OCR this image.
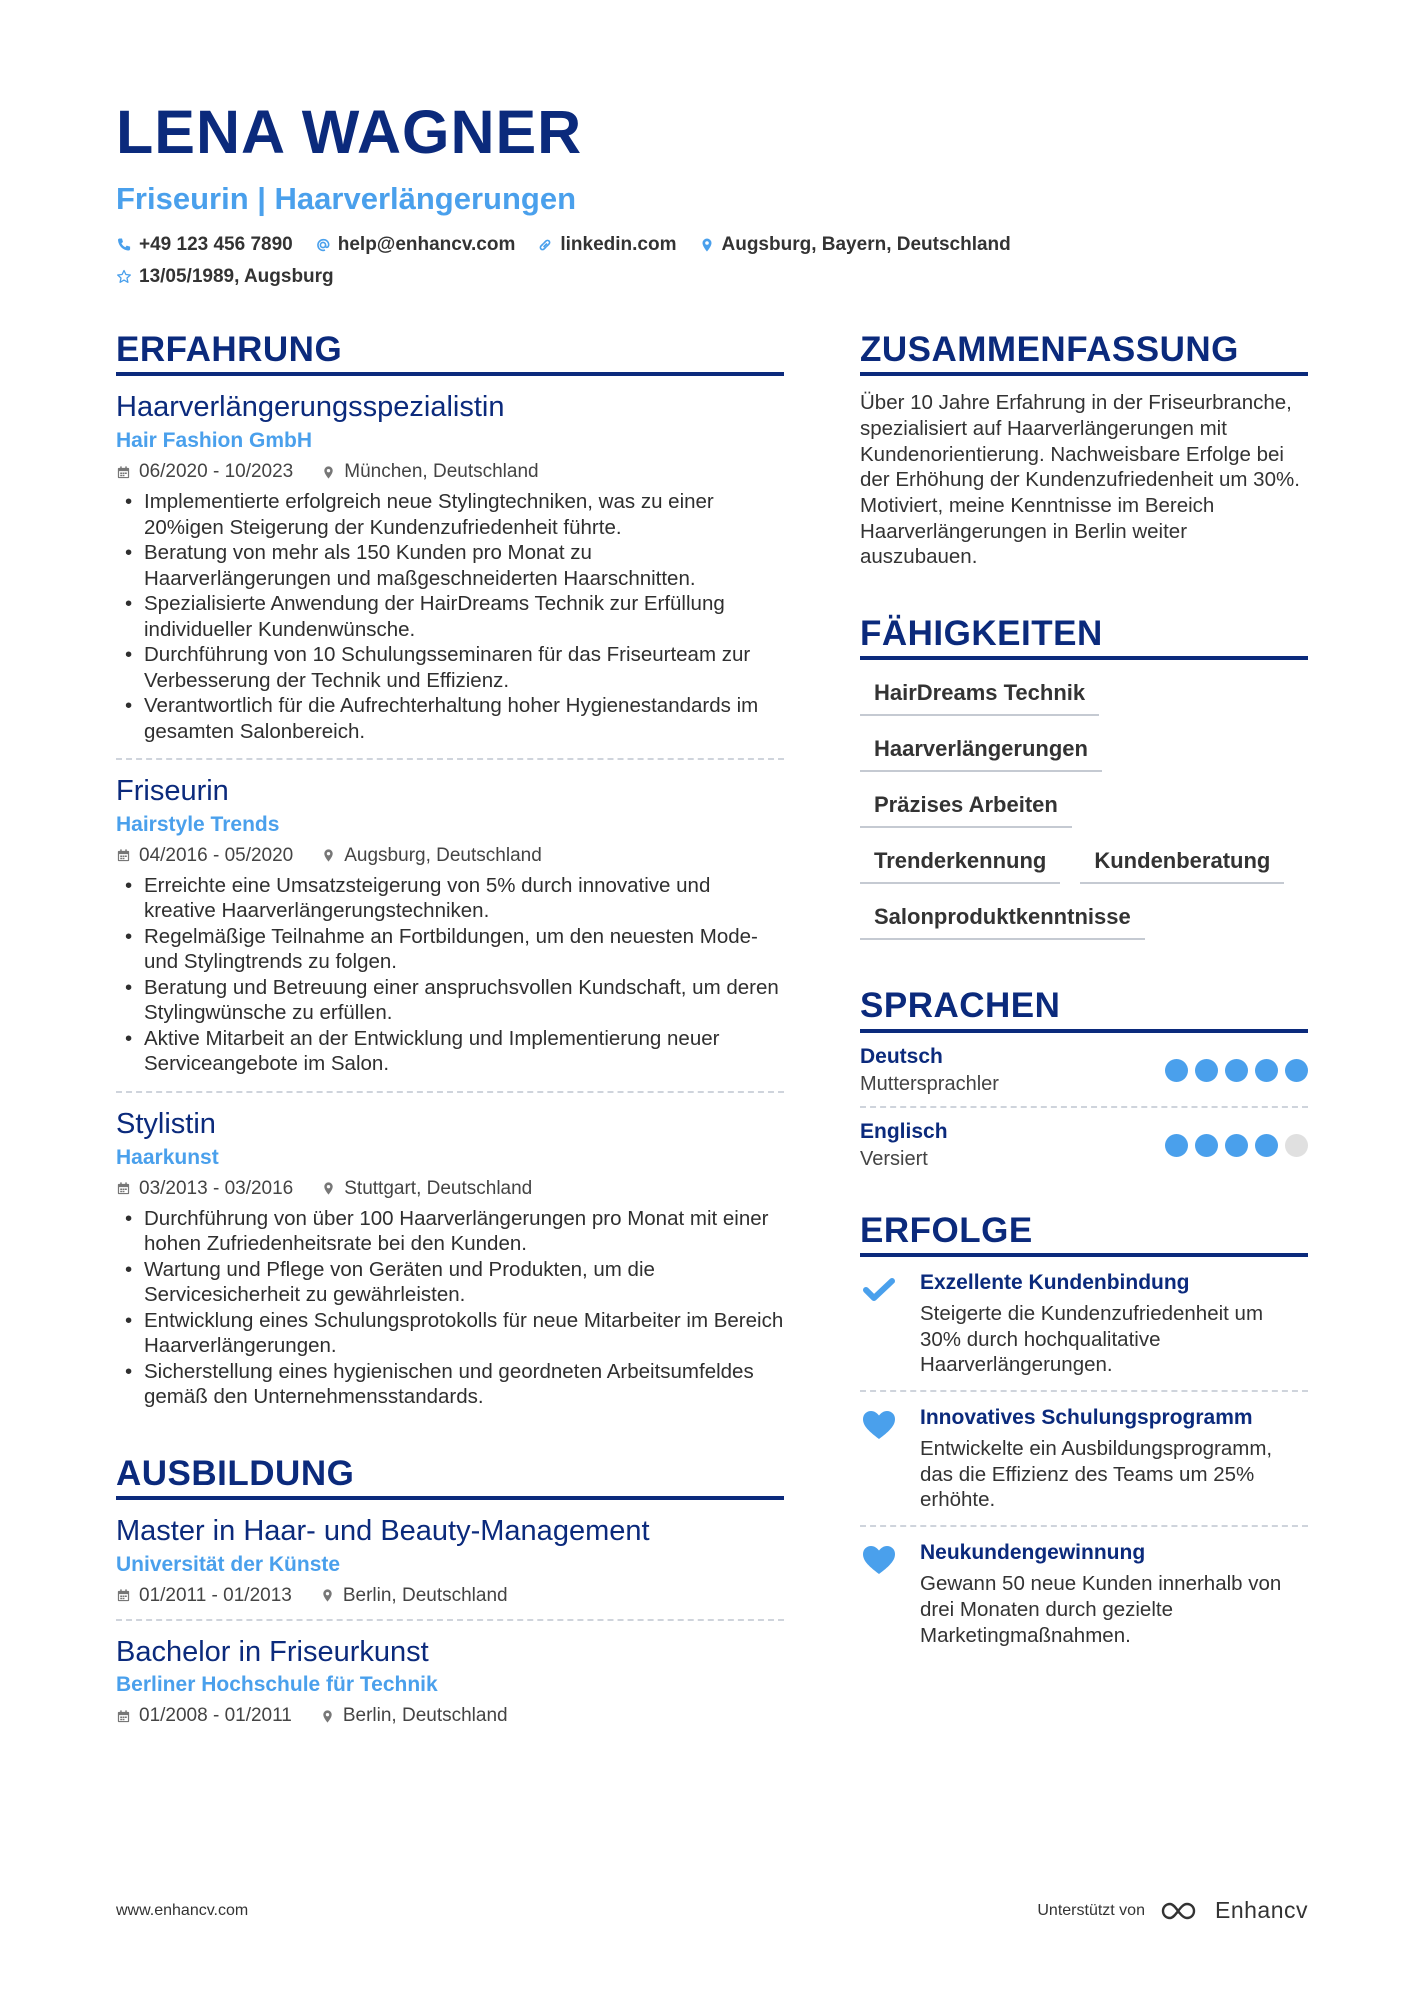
LENA WAGNER
Friseurin | Haarverlängerungen
+49 123 456 7890 help@enhancv.com linkedin.com Augsburg, Bayern, Deutschland
13/05/1989, Augsburg
ERFAHRUNG
Haarverlängerungsspezialistin
Hair Fashion GmbH
06/2020 - 10/2023	München, Deutschland
• Implementierte erfolgreich neue Stylingtechniken, was zu einer 20%igen Steigerung der Kundenzufriedenheit führte.
• Beratung von mehr als 150 Kunden pro Monat zu Haarverlängerungen und maßgeschneiderten Haarschnitten.
• Spezialisierte Anwendung der HairDreams Technik zur Erfüllung individueller Kundenwünsche.
• Durchführung von 10 Schulungsseminaren für das Friseurteam zur Verbesserung der Technik und Effizienz.
• Verantwortlich für die Aufrechterhaltung hoher Hygienestandards im gesamten Salonbereich.
Friseurin
Hairstyle Trends
04/2016 - 05/2020	Augsburg, Deutschland
• Erreichte eine Umsatzsteigerung von 5% durch innovative und kreative Haarverlängerungstechniken.
• Regelmäßige Teilnahme an Fortbildungen, um den neuesten Mode- und Stylingtrends zu folgen.
• Beratung und Betreuung einer anspruchsvollen Kundschaft, um deren Stylingwünsche zu erfüllen.
• Aktive Mitarbeit an der Entwicklung und Implementierung neuer Serviceangebote im Salon.
Stylistin
Haarkunst
03/2013 - 03/2016	Stuttgart, Deutschland
• Durchführung von über 100 Haarverlängerungen pro Monat mit einer hohen Zufriedenheitsrate bei den Kunden.
• Wartung und Pflege von Geräten und Produkten, um die Servicesicherheit zu gewährleisten.
• Entwicklung eines Schulungsprotokolls für neue Mitarbeiter im Bereich Haarverlängerungen.
• Sicherstellung eines hygienischen und geordneten Arbeitsumfeldes gemäß den Unternehmensstandards.
AUSBILDUNG
Master in Haar- und Beauty-Management
Universität der Künste
01/2011 - 01/2013	Berlin, Deutschland
Bachelor in Friseurkunst
Berliner Hochschule für Technik
01/2008 - 01/2011	Berlin, Deutschland
ZUSAMMENFASSUNG
Über 10 Jahre Erfahrung in der Friseurbranche, spezialisiert auf Haarverlängerungen mit Kundenorientierung. Nachweisbare Erfolge bei der Erhöhung der Kundenzufriedenheit um 30%. Motiviert, meine Kenntnisse im Bereich Haarverlängerungen in Berlin weiter auszubauen.
FÄHIGKEITEN
HairDreams Technik
Haarverlängerungen
Präzises Arbeiten
Trenderkennung	Kundenberatung
Salonproduktkenntnisse
SPRACHEN
Deutsch
Muttersprachler
Englisch
Versiert
ERFOLGE
Exzellente Kundenbindung
Steigerte die Kundenzufriedenheit um 30% durch hochqualitative Haarverlängerungen.
Innovatives Schulungsprogramm
Entwickelte ein Ausbildungsprogramm, das die Effizienz des Teams um 25% erhöhte.
Neukundengewinnung
Gewann 50 neue Kunden innerhalb von drei Monaten durch gezielte Marketingmaßnahmen.
www.enhancv.com	Unterstützt von	Enhancv
